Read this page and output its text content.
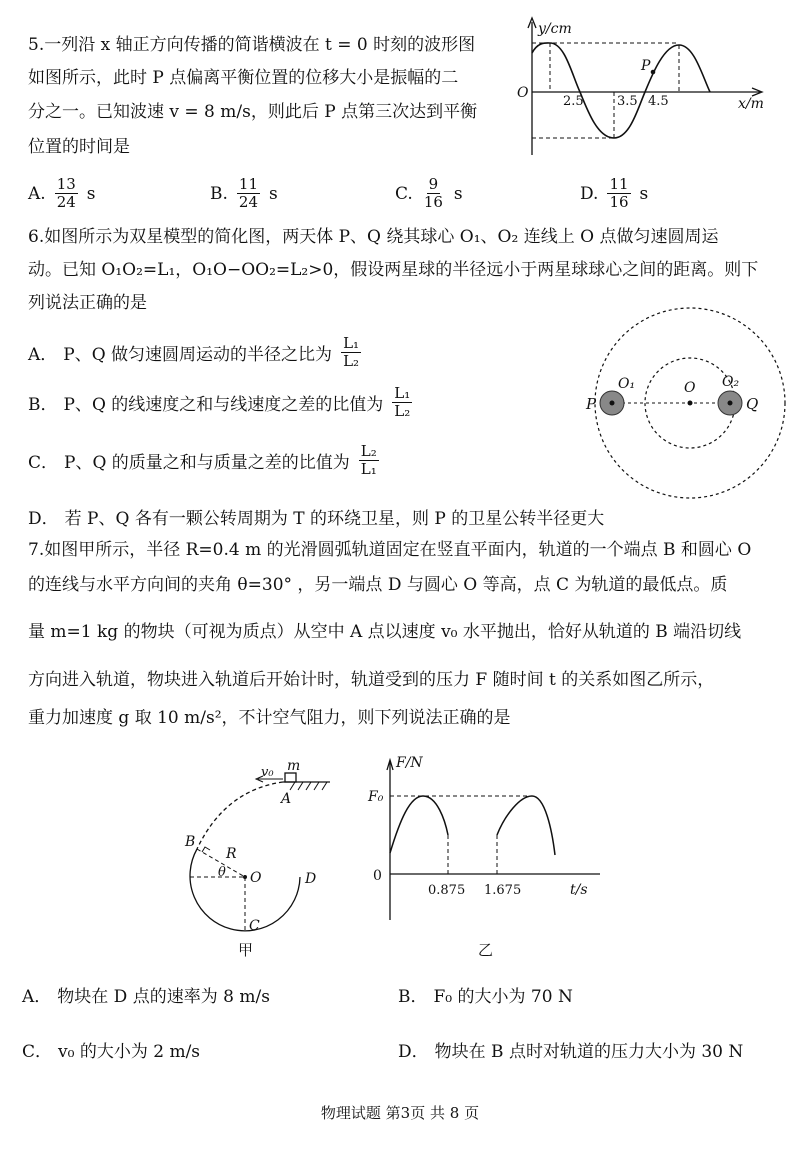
5.一列沿 x 轴正方向传播的简谐横波在 t = 0 时刻的波形图
如图所示，此时 P 点偏离平衡位置的位移大小是振幅的二
分之一。已知波速 v = 8 m/s，则此后 P 点第三次达到平衡
位置的时间是
A. $\frac{13}{24}$ s	B. $\frac{11}{24}$ s	C. $\frac{9}{16}$ s	D. $\frac{11}{16}$ s
y/cm
x/m
O
2.5	3.5 4.5
P
6.如图所示为双星模型的简化图，两天体 P、Q 绕其球心 O₁、O₂ 连线上 O 点做匀速圆周运
动。已知 O₁O₂=L₁，O₁O−OO₂=L₂>0，假设两星球的半径远小于两星球球心之间的距离。则下
列说法正确的是
A． P、Q 做匀速圆周运动的半径之比为 $\frac{\text{L₁}}{\text{L₂}}$
B． P、Q 的线速度之和与线速度之差的比值为 $\frac{\text{L₁}}{\text{L₂}}$
C． P、Q 的质量之和与质量之差的比值为 $\frac{\text{L₂}}{\text{L₁}}$
D． 若 P、Q 各有一颗公转周期为 T 的环绕卫星，则 P 的卫星公转半径更大
P	Q
O₁	O O₂
7.如图甲所示，半径 R=0.4 m 的光滑圆弧轨道固定在竖直平面内，轨道的一个端点 B 和圆心 O
的连线与水平方向间的夹角 θ=30° ，另一端点 D 与圆心 O 等高，点 C 为轨道的最低点。质
量 m=1 kg 的物块（可视为质点）从空中 A 点以速度 v₀ 水平抛出，恰好从轨道的 B 端沿切线
方向进入轨道，物块进入轨道后开始计时，轨道受到的压力 F 随时间 t 的关系如图乙所示，
重力加速度 g 取 10 m/s²，不计空气阻力，则下列说法正确的是
v₀ m
A
B
R
θ O	D
C
甲
F/N
F₀
0
0.875 1.675	t/s
乙
A． 物块在 D 点的速率为 8 m/s	B． F₀ 的大小为 70 N
C． v₀ 的大小为 2 m/s	D． 物块在 B 点时对轨道的压力大小为 30 N
物理试题 第3页 共 8 页
